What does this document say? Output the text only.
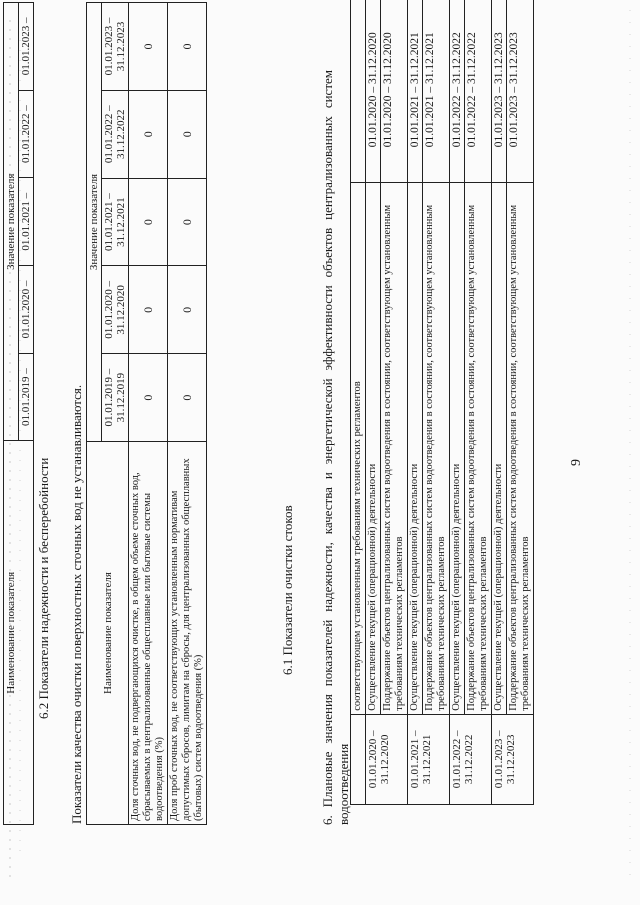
9
Наименование показателя	Значение показателя				
	01.01.2019 –	01.01.2020 –	01.01.2021 –	01.01.2022 –	01.01.2023 –
6.2 Показатели надежности и бесперебойности Показатели качества очистки поверхностных сточных вод не устанавливаются. Наименование показателя	Значение показателя				
	01.01.2019 – 31.12.2019	01.01.2020 – 31.12.2020	01.01.2021 – 31.12.2021	01.01.2022 – 31.12.2022	01.01.2023 – 31.12.2023
Доля сточных вод, не подвергающихся очистке, в общем объеме сточных вод, сбрасываемых в централизованные общесплавные или бытовые системы водоотведения (%)	0	0	0	0	0
Доля проб сточных вод, не соответствующих установленным нормативам допустимых сбросов, лимитам на сбросы, для централизованных общесплавных (бытовых) систем водоотведения (%)	0	0	0	0	0
6.1 Показатели очистки стоков 6. Плановые значения показателей надежности, качества и энергетической эффективности объектов централизованных систем водоотведения
	соответствующем установленным требованиям технических регламентов	
01.01.2020 – 31.12.2020	Осуществление текущей (операционной) деятельности	01.01.2020 – 31.12.2020
	Поддержание объектов централизованных систем водоотведения в состоянии, соответствующем установленным требованиям технических регламентов	01.01.2020 – 31.12.2020
01.01.2021 – 31.12.2021	Осуществление текущей (операционной) деятельности	01.01.2021 – 31.12.2021
	Поддержание объектов централизованных систем водоотведения в состоянии, соответствующем установленным требованиям технических регламентов	01.01.2021 – 31.12.2021
01.01.2022 – 31.12.2022	Осуществление текущей (операционной) деятельности	01.01.2022 – 31.12.2022
	Поддержание объектов централизованных систем водоотведения в состоянии, соответствующем установленным требованиям технических регламентов	01.01.2022 – 31.12.2022
01.01.2023 – 31.12.2023	Осуществление текущей (операционной) деятельности	01.01.2023 – 31.12.2023
	Поддержание объектов централизованных систем водоотведения в состоянии, соответствующем установленным требованиям технических регламентов	01.01.2023 – 31.12.2023
